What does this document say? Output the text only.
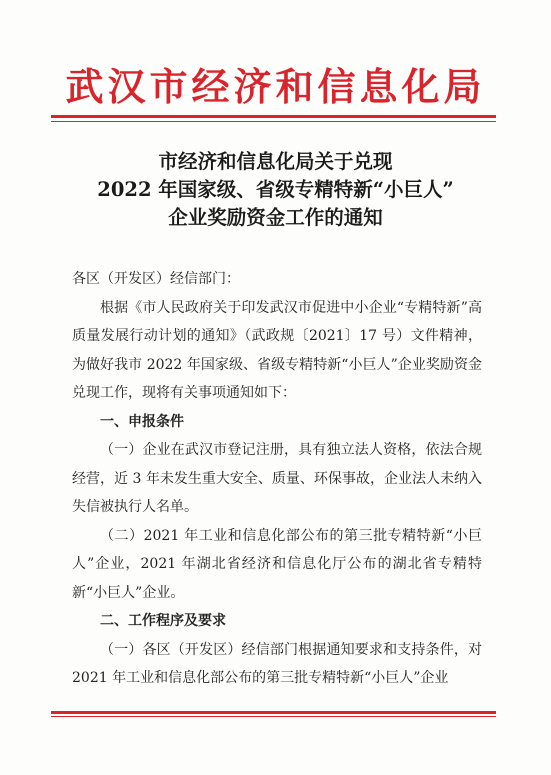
武汉市经济和信息化局
市经济和信息化局关于兑现
2022 年国家级、省级专精特新“小巨人”
企业奖励资金工作的通知

各区（开发区）经信部门：

根据《市人民政府关于印发武汉市促进中小企业“专精特新”高质量发展行动计划的通知》（武政规〔2021〕17 号）文件精神，为做好我市 2022 年国家级、省级专精特新“小巨人”企业奖励资金兑现工作，现将有关事项通知如下：

一、申报条件

（一）企业在武汉市登记注册，具有独立法人资格，依法合规经营，近 3 年未发生重大安全、质量、环保事故，企业法人未纳入失信被执行人名单。

（二）2021 年工业和信息化部公布的第三批专精特新“小巨人”企业，2021 年湖北省经济和信息化厅公布的湖北省专精特新“小巨人”企业。

二、工作程序及要求

（一）各区（开发区）经信部门根据通知要求和支持条件，对 2021 年工业和信息化部公布的第三批专精特新“小巨人”企业
